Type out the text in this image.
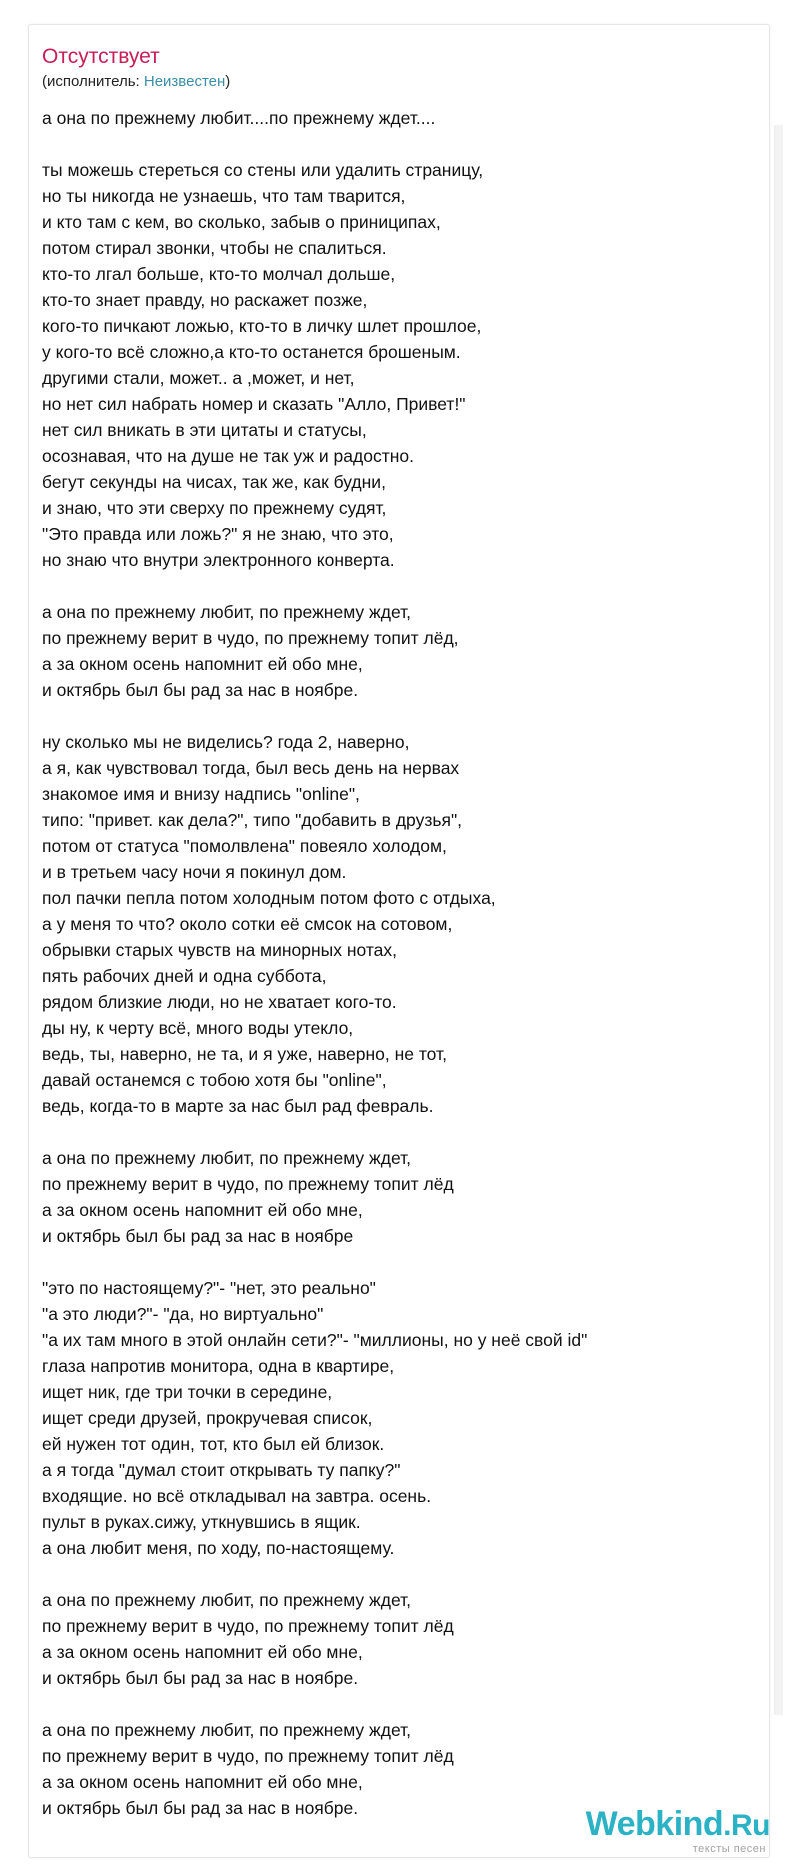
Отсутствует
(исполнитель: Неизвестен)
а она по прежнему любит....по прежнему ждет....
ты можешь стереться со стены или удалить страницу,
но ты никогда не узнаешь, что там тварится,
и кто там с кем, во сколько, забыв о приниципах,
потом стирал звонки, чтобы не спалиться.
кто-то лгал больше, кто-то молчал дольше,
кто-то знает правду, но раскажет позже,
кого-то пичкают ложью, кто-то в личку шлет прошлое,
у кого-то всё сложно,а кто-то останется брошеным.
другими стали, может.. а ,может, и нет,
но нет сил набрать номер и сказать "Алло, Привет!"
нет сил вникать в эти цитаты и статусы,
осознавая, что на душе не так уж и радостно.
бегут секунды на чисах, так же, как будни,
и знаю, что эти сверху по прежнему судят,
"Это правда или ложь?" я не знаю, что это,
но знаю что внутри электронного конверта.
а она по прежнему любит, по прежнему ждет,
по прежнему верит в чудо, по прежнему топит лёд,
а за окном осень напомнит ей обо мне,
и октябрь был бы рад за нас в ноябре.
ну сколько мы не виделись? года 2, наверно,
а я, как чувствовал тогда, был весь день на нервах
знакомое имя и внизу надпись "online",
типо: "привет. как дела?", типо "добавить в друзья",
потом от статуса "помолвлена" повеяло холодом,
и в третьем часу ночи я покинул дом.
пол пачки пепла потом холодным потом фото с отдыха,
а у меня то что? около сотки её смсок на сотовом,
обрывки старых чувств на минорных нотах,
пять рабочих дней и одна суббота,
рядом близкие люди, но не хватает кого-то.
ды ну, к черту всё, много воды утекло,
ведь, ты, наверно, не та, и я уже, наверно, не тот,
давай останемся с тобою хотя бы "online",
ведь, когда-то в марте за нас был рад февраль.
а она по прежнему любит, по прежнему ждет,
по прежнему верит в чудо, по прежнему топит лёд
а за окном осень напомнит ей обо мне,
и октябрь был бы рад за нас в ноябре
"это по настоящему?"- "нет, это реально"
"а это люди?"- "да, но виртуально"
"а их там много в этой онлайн сети?"- "миллионы, но у неё свой id"
глаза напротив монитора, одна в квартире,
ищет ник, где три точки в середине,
ищет среди друзей, прокручевая список,
ей нужен тот один, тот, кто был ей близок.
а я тогда "думал стоит открывать ту папку?"
входящие. но всё откладывал на завтра. осень.
пульт в руках.сижу, уткнувшись в ящик.
а она любит меня, по ходу, по-настоящему.
а она по прежнему любит, по прежнему ждет,
по прежнему верит в чудо, по прежнему топит лёд
а за окном осень напомнит ей обо мне,
и октябрь был бы рад за нас в ноябре.
а она по прежнему любит, по прежнему ждет,
по прежнему верит в чудо, по прежнему топит лёд
а за окном осень напомнит ей обо мне,
и октябрь был бы рад за нас в ноябре.	Webkind.Ru
тексты песен
